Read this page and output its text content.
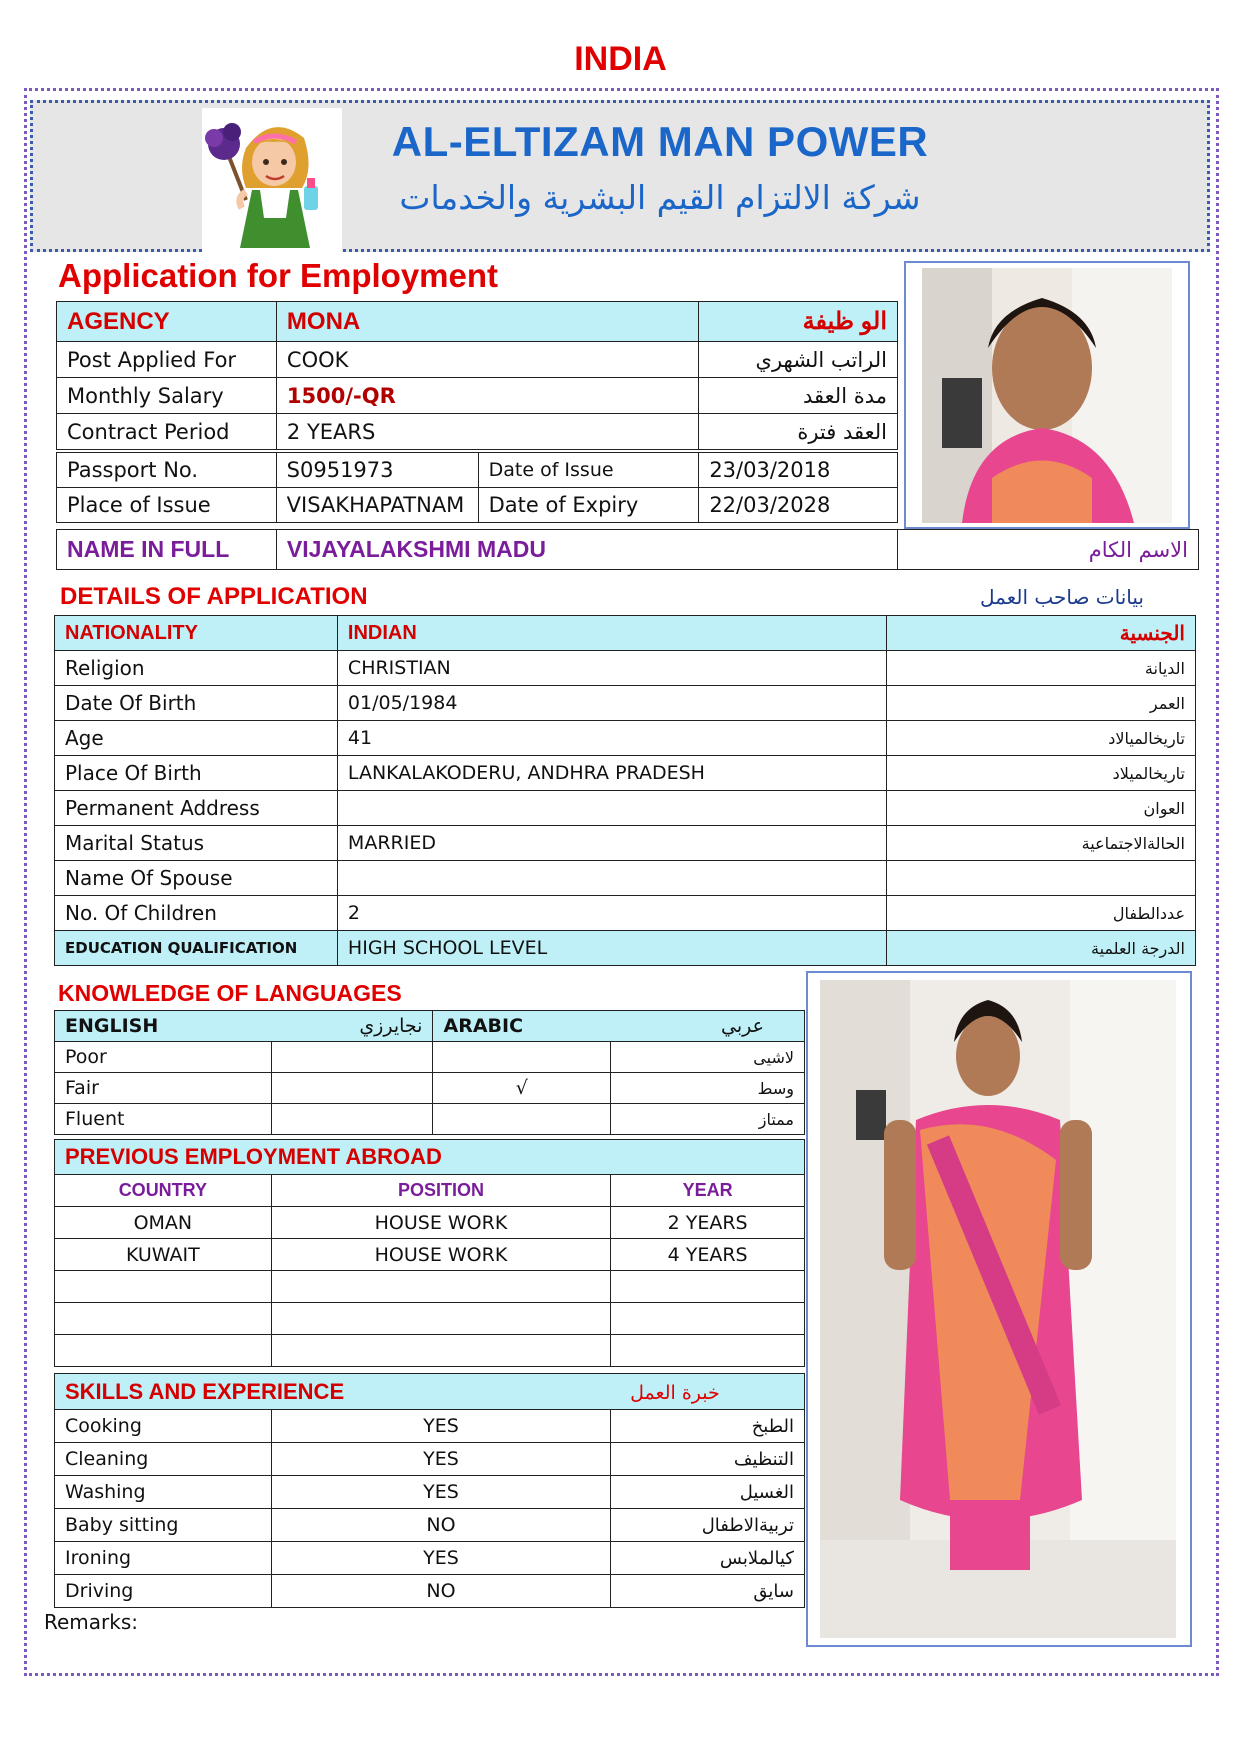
INDIA
AL-ELTIZAM MAN POWER
شركة الالتزام القيم البشرية والخدمات
Application for Employment
AGENCY	MONA	الو ظيفة
Post Applied For	COOK	الراتب الشهري
Monthly Salary	1500/-QR	مدة العقد
Contract Period	2 YEARS	العقد فترة
Passport No.	S0951973	Date of Issue	23/03/2018
Place of Issue	VISAKHAPATNAM	Date of Expiry	22/03/2028
NAME IN FULL	VIJAYALAKSHMI MADU	الاسم الكام
DETAILS OF APPLICATION	بيانات صاحب العمل
NATIONALITY	INDIAN	الجنسية
Religion	CHRISTIAN	الديانة
Date Of Birth	01/05/1984	العمر
Age	41	تاريخالميالاد
Place Of Birth	LANKALAKODERU, ANDHRA PRADESH	تاريخالميلاد
Permanent Address		العوان
Marital Status	MARRIED	الحالةالاجتماعية
Name Of Spouse		
No. Of Children	2	عددالطفال
EDUCATION QUALIFICATION	HIGH SCHOOL LEVEL	الدرجة العلمية
KNOWLEDGE OF LANGUAGES
ENGLISH نجايرزي		ARABIC عربي	

Poor			لاشيى
Fair		√	وسط
Fluent			ممتاز
PREVIOUS EMPLOYMENT ABROAD		
COUNTRY	POSITION	YEAR
OMAN	HOUSE WORK	2 YEARS
KUWAIT	HOUSE WORK	4 YEARS

SKILLS AND EXPERIENCE خبرة العمل		
Cooking	YES	الطبخ
Cleaning	YES	التنظيف
Washing	YES	الغسيل
Baby sitting	NO	تربيةالاطفال
Ironing	YES	كيالملابس
Driving	NO	سايق
Remarks:
